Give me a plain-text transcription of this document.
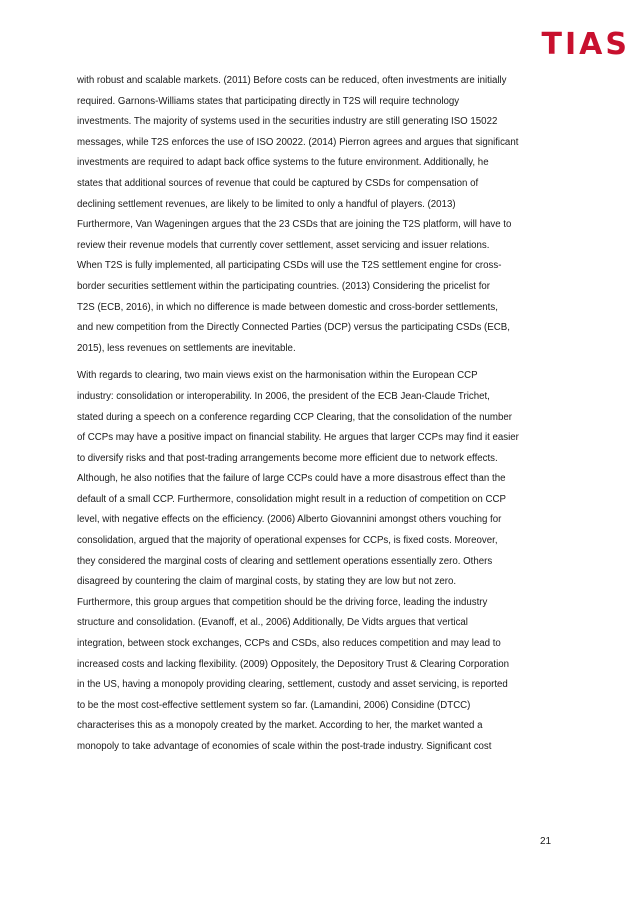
TIAS

with robust and scalable markets. (2011) Before costs can be reduced, often investments are initially
required. Garnons-Williams states that participating directly in T2S will require technology
investments. The majority of systems used in the securities industry are still generating ISO 15022
messages, while T2S enforces the use of ISO 20022. (2014) Pierron agrees and argues that significant
investments are required to adapt back office systems to the future environment. Additionally, he
states that additional sources of revenue that could be captured by CSDs for compensation of
declining settlement revenues, are likely to be limited to only a handful of players. (2013)
Furthermore, Van Wageningen argues that the 23 CSDs that are joining the T2S platform, will have to
review their revenue models that currently cover settlement, asset servicing and issuer relations.
When T2S is fully implemented, all participating CSDs will use the T2S settlement engine for cross-
border securities settlement within the participating countries. (2013) Considering the pricelist for
T2S (ECB, 2016), in which no difference is made between domestic and cross-border settlements,
and new competition from the Directly Connected Parties (DCP) versus the participating CSDs (ECB,
2015), less revenues on settlements are inevitable.

With regards to clearing, two main views exist on the harmonisation within the European CCP
industry: consolidation or interoperability. In 2006, the president of the ECB Jean-Claude Trichet,
stated during a speech on a conference regarding CCP Clearing, that the consolidation of the number
of CCPs may have a positive impact on financial stability. He argues that larger CCPs may find it easier
to diversify risks and that post-trading arrangements become more efficient due to network effects.
Although, he also notifies that the failure of large CCPs could have a more disastrous effect than the
default of a small CCP. Furthermore, consolidation might result in a reduction of competition on CCP
level, with negative effects on the efficiency. (2006) Alberto Giovannini amongst others vouching for
consolidation, argued that the majority of operational expenses for CCPs, is fixed costs. Moreover,
they considered the marginal costs of clearing and settlement operations essentially zero. Others
disagreed by countering the claim of marginal costs, by stating they are low but not zero.
Furthermore, this group argues that competition should be the driving force, leading the industry
structure and consolidation. (Evanoff, et al., 2006) Additionally, De Vidts argues that vertical
integration, between stock exchanges, CCPs and CSDs, also reduces competition and may lead to
increased costs and lacking flexibility. (2009) Oppositely, the Depository Trust & Clearing Corporation
in the US, having a monopoly providing clearing, settlement, custody and asset servicing, is reported
to be the most cost-effective settlement system so far. (Lamandini, 2006) Considine (DTCC)
characterises this as a monopoly created by the market. According to her, the market wanted a
monopoly to take advantage of economies of scale within the post-trade industry. Significant cost

21
